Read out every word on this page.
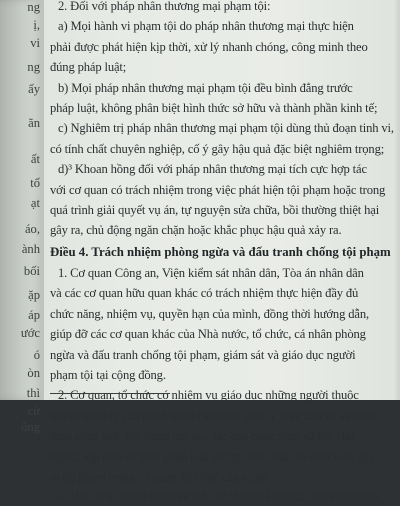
ng
ị,
vi
ng
ấy
ãn
ất
tố
ạt
áo,
ành
bối
ặp
áp
ước
ó
òn
thì
cứ
ông
2. Đối với pháp nhân thương mại phạm tội:
a) Mọi hành vi phạm tội do pháp nhân thương mại thực hiện
phải được phát hiện kịp thời, xử lý nhanh chóng, công minh theo
đúng pháp luật;
b) Mọi pháp nhân thương mại phạm tội đều bình đẳng trước
pháp luật, không phân biệt hình thức sở hữu và thành phần kinh tế;
c) Nghiêm trị pháp nhân thương mại phạm tội dùng thủ đoạn tinh vi,
có tính chất chuyên nghiệp, cố ý gây hậu quả đặc biệt nghiêm trọng;
d)³ Khoan hồng đối với pháp nhân thương mại tích cực hợp tác
với cơ quan có trách nhiệm trong việc phát hiện tội phạm hoặc trong
quá trình giải quyết vụ án, tự nguyện sửa chữa, bồi thường thiệt hại
gây ra, chủ động ngăn chặn hoặc khắc phục hậu quả xảy ra.
Điều 4. Trách nhiệm phòng ngừa và đấu tranh chống tội phạm
1. Cơ quan Công an, Viện kiểm sát nhân dân, Tòa án nhân dân
và các cơ quan hữu quan khác có trách nhiệm thực hiện đầy đủ
chức năng, nhiệm vụ, quyền hạn của mình, đồng thời hướng dẫn,
giúp đỡ các cơ quan khác của Nhà nước, tổ chức, cá nhân phòng
ngừa và đấu tranh chống tội phạm, giám sát và giáo dục người
phạm tội tại cộng đồng.
2. Cơ quan, tổ chức có nhiệm vụ giáo dục những người thuộc
quyền quản lý của mình nâng cao cảnh giác, ý thức bảo vệ và tuân
theo pháp luật, tôn trọng các quy tắc của cuộc sống xã hội chủ
nghĩa; kịp thời có biện pháp loại trừ nguyên nhân và điều kiện gây
ra tội phạm trong cơ quan, tổ chức của mình.
3. Mọi công dân có nghĩa vụ tích cực tham gia phòng, chống tội phạm.
